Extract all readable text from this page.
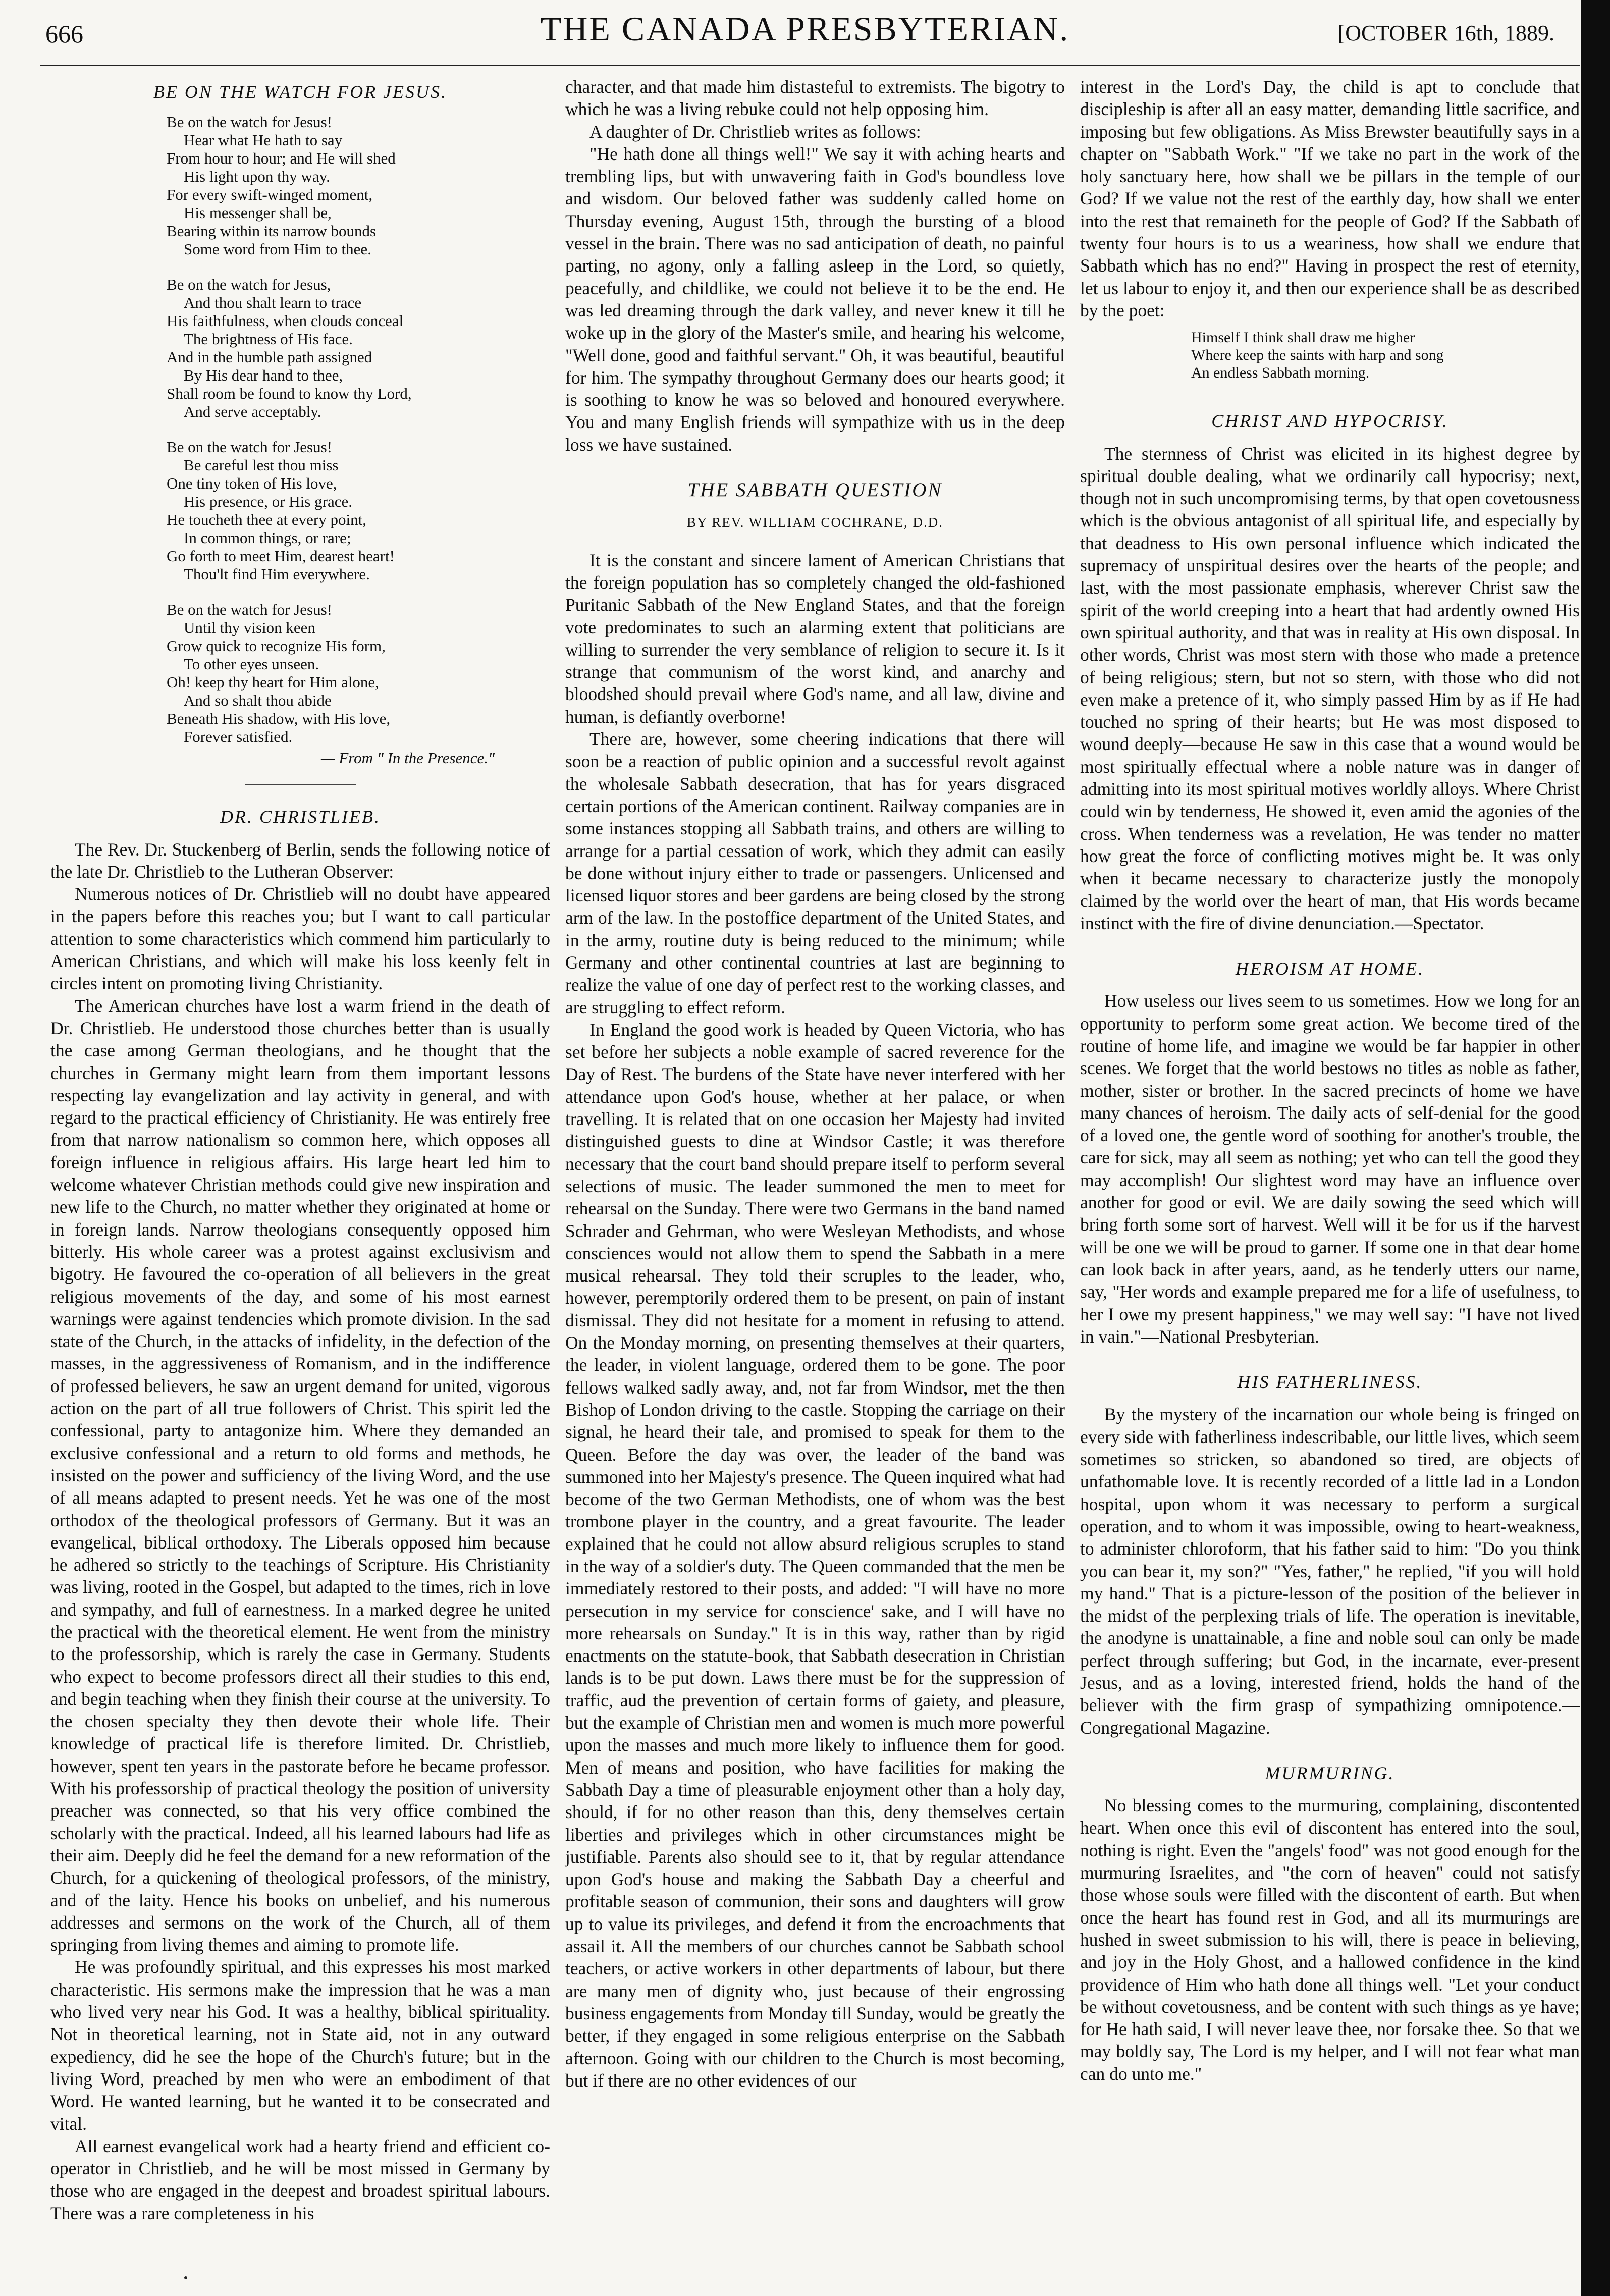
666	THE CANADA PRESBYTERIAN.	[OCTOBER 16th, 1889.
BE ON THE WATCH FOR JESUS.
Be on the watch for Jesus!
Hear what He hath to say
From hour to hour; and He will shed
His light upon thy way.
For every swift-winged moment,
His messenger shall be,
Bearing within its narrow bounds
Some word from Him to thee.
Be on the watch for Jesus,
And thou shalt learn to trace
His faithfulness, when clouds conceal
The brightness of His face.
And in the humble path assigned
By His dear hand to thee,
Shall room be found to know thy Lord,
And serve acceptably.
Be on the watch for Jesus!
Be careful lest thou miss
One tiny token of His love,
His presence, or His grace.
He toucheth thee at every point,
In common things, or rare;
Go forth to meet Him, dearest heart!
Thou'lt find Him everywhere.
Be on the watch for Jesus!
Until thy vision keen
Grow quick to recognize His form,
To other eyes unseen.
Oh! keep thy heart for Him alone,
And so shalt thou abide
Beneath His shadow, with His love,
Forever satisfied.
— From " In the Presence."
DR. CHRISTLIEB.

The Rev. Dr. Stuckenberg of Berlin, sends the following notice of the late Dr. Christlieb to the Lutheran Observer:

Numerous notices of Dr. Christlieb will no doubt have appeared in the papers before this reaches you; but I want to call particular attention to some characteristics which commend him particularly to American Christians, and which will make his loss keenly felt in circles intent on promoting living Christianity.

The American churches have lost a warm friend in the death of Dr. Christlieb. He understood those churches better than is usually the case among German theologians, and he thought that the churches in Germany might learn from them important lessons respecting lay evangelization and lay activity in general, and with regard to the practical efficiency of Christianity. He was entirely free from that narrow nationalism so common here, which opposes all foreign influence in religious affairs. His large heart led him to welcome whatever Christian methods could give new inspiration and new life to the Church, no matter whether they originated at home or in foreign lands. Narrow theologians consequently opposed him bitterly. His whole career was a protest against exclusivism and bigotry. He favoured the co-operation of all believers in the great religious movements of the day, and some of his most earnest warnings were against tendencies which promote division. In the sad state of the Church, in the attacks of infidelity, in the defection of the masses, in the aggressiveness of Romanism, and in the indifference of professed believers, he saw an urgent demand for united, vigorous action on the part of all true followers of Christ. This spirit led the confessional, party to antagonize him. Where they demanded an exclusive confessional and a return to old forms and methods, he insisted on the power and sufficiency of the living Word, and the use of all means adapted to present needs. Yet he was one of the most orthodox of the theological professors of Germany. But it was an evangelical, biblical orthodoxy. The Liberals opposed him because he adhered so strictly to the teachings of Scripture. His Christianity was living, rooted in the Gospel, but adapted to the times, rich in love and sympathy, and full of earnestness. In a marked degree he united the practical with the theoretical element. He went from the ministry to the professorship, which is rarely the case in Germany. Students who expect to become professors direct all their studies to this end, and begin teaching when they finish their course at the university. To the chosen specialty they then devote their whole life. Their knowledge of practical life is therefore limited. Dr. Christlieb, however, spent ten years in the pastorate before he became professor. With his professorship of practical theology the position of university preacher was connected, so that his very office combined the scholarly with the practical. Indeed, all his learned labours had life as their aim. Deeply did he feel the demand for a new reformation of the Church, for a quickening of theological professors, of the ministry, and of the laity. Hence his books on unbelief, and his numerous addresses and sermons on the work of the Church, all of them springing from living themes and aiming to promote life.

He was profoundly spiritual, and this expresses his most marked characteristic. His sermons make the impression that he was a man who lived very near his God. It was a healthy, biblical spirituality. Not in theoretical learning, not in State aid, not in any outward expediency, did he see the hope of the Church's future; but in the living Word, preached by men who were an embodiment of that Word. He wanted learning, but he wanted it to be consecrated and vital.

All earnest evangelical work had a hearty friend and efficient co-operator in Christlieb, and he will be most missed in Germany by those who are engaged in the deepest and broadest spiritual labours. There was a rare completeness in his

character, and that made him distasteful to extremists. The bigotry to which he was a living rebuke could not help opposing him.

A daughter of Dr. Christlieb writes as follows:

"He hath done all things well!" We say it with aching hearts and trembling lips, but with unwavering faith in God's boundless love and wisdom. Our beloved father was suddenly called home on Thursday evening, August 15th, through the bursting of a blood vessel in the brain. There was no sad anticipation of death, no painful parting, no agony, only a falling asleep in the Lord, so quietly, peacefully, and childlike, we could not believe it to be the end. He was led dreaming through the dark valley, and never knew it till he woke up in the glory of the Master's smile, and hearing his welcome, "Well done, good and faithful servant." Oh, it was beautiful, beautiful for him. The sympathy throughout Germany does our hearts good; it is soothing to know he was so beloved and honoured everywhere. You and many English friends will sympathize with us in the deep loss we have sustained.

THE SABBATH QUESTION
BY REV. WILLIAM COCHRANE, D.D.

It is the constant and sincere lament of American Christians that the foreign population has so completely changed the old-fashioned Puritanic Sabbath of the New England States, and that the foreign vote predominates to such an alarming extent that politicians are willing to surrender the very semblance of religion to secure it. Is it strange that communism of the worst kind, and anarchy and bloodshed should prevail where God's name, and all law, divine and human, is defiantly overborne!

There are, however, some cheering indications that there will soon be a reaction of public opinion and a successful revolt against the wholesale Sabbath desecration, that has for years disgraced certain portions of the American continent. Railway companies are in some instances stopping all Sabbath trains, and others are willing to arrange for a partial cessation of work, which they admit can easily be done without injury either to trade or passengers. Unlicensed and licensed liquor stores and beer gardens are being closed by the strong arm of the law. In the postoffice department of the United States, and in the army, routine duty is being reduced to the minimum; while Germany and other continental countries at last are beginning to realize the value of one day of perfect rest to the working classes, and are struggling to effect reform.

In England the good work is headed by Queen Victoria, who has set before her subjects a noble example of sacred reverence for the Day of Rest. The burdens of the State have never interfered with her attendance upon God's house, whether at her palace, or when travelling. It is related that on one occasion her Majesty had invited distinguished guests to dine at Windsor Castle; it was therefore necessary that the court band should prepare itself to perform several selections of music. The leader summoned the men to meet for rehearsal on the Sunday. There were two Germans in the band named Schrader and Gehrman, who were Wesleyan Methodists, and whose consciences would not allow them to spend the Sabbath in a mere musical rehearsal. They told their scruples to the leader, who, however, peremptorily ordered them to be present, on pain of instant dismissal. They did not hesitate for a moment in refusing to attend. On the Monday morning, on presenting themselves at their quarters, the leader, in violent language, ordered them to be gone. The poor fellows walked sadly away, and, not far from Windsor, met the then Bishop of London driving to the castle. Stopping the carriage on their signal, he heard their tale, and promised to speak for them to the Queen. Before the day was over, the leader of the band was summoned into her Majesty's presence. The Queen inquired what had become of the two German Methodists, one of whom was the best trombone player in the country, and a great favourite. The leader explained that he could not allow absurd religious scruples to stand in the way of a soldier's duty. The Queen commanded that the men be immediately restored to their posts, and added: "I will have no more persecution in my service for conscience' sake, and I will have no more rehearsals on Sunday." It is in this way, rather than by rigid enactments on the statute-book, that Sabbath desecration in Christian lands is to be put down. Laws there must be for the suppression of traffic, aud the prevention of certain forms of gaiety, and pleasure, but the example of Christian men and women is much more powerful upon the masses and much more likely to influence them for good. Men of means and position, who have facilities for making the Sabbath Day a time of pleasurable enjoyment other than a holy day, should, if for no other reason than this, deny themselves certain liberties and privileges which in other circumstances might be justifiable. Parents also should see to it, that by regular attendance upon God's house and making the Sabbath Day a cheerful and profitable season of communion, their sons and daughters will grow up to value its privileges, and defend it from the encroachments that assail it. All the members of our churches cannot be Sabbath school teachers, or active workers in other departments of labour, but there are many men of dignity who, just because of their engrossing business engagements from Monday till Sunday, would be greatly the better, if they engaged in some religious enterprise on the Sabbath afternoon. Going with our children to the Church is most becoming, but if there are no other evidences of our

interest in the Lord's Day, the child is apt to conclude that discipleship is after all an easy matter, demanding little sacrifice, and imposing but few obligations. As Miss Brewster beautifully says in a chapter on "Sabbath Work." "If we take no part in the work of the holy sanctuary here, how shall we be pillars in the temple of our God? If we value not the rest of the earthly day, how shall we enter into the rest that remaineth for the people of God? If the Sabbath of twenty four hours is to us a weariness, how shall we endure that Sabbath which has no end?" Having in prospect the rest of eternity, let us labour to enjoy it, and then our experience shall be as described by the poet:

Himself I think shall draw me higher
Where keep the saints with harp and song
An endless Sabbath morning.
CHRIST AND HYPOCRISY.

The sternness of Christ was elicited in its highest degree by spiritual double dealing, what we ordinarily call hypocrisy; next, though not in such uncompromising terms, by that open covetousness which is the obvious antagonist of all spiritual life, and especially by that deadness to His own personal influence which indicated the supremacy of unspiritual desires over the hearts of the people; and last, with the most passionate emphasis, wherever Christ saw the spirit of the world creeping into a heart that had ardently owned His own spiritual authority, and that was in reality at His own disposal. In other words, Christ was most stern with those who made a pretence of being religious; stern, but not so stern, with those who did not even make a pretence of it, who simply passed Him by as if He had touched no spring of their hearts; but He was most disposed to wound deeply—because He saw in this case that a wound would be most spiritually effectual where a noble nature was in danger of admitting into its most spiritual motives worldly alloys. Where Christ could win by tenderness, He showed it, even amid the agonies of the cross. When tenderness was a revelation, He was tender no matter how great the force of conflicting motives might be. It was only when it became necessary to characterize justly the monopoly claimed by the world over the heart of man, that His words became instinct with the fire of divine denunciation.—Spectator.

HEROISM AT HOME.

How useless our lives seem to us sometimes. How we long for an opportunity to perform some great action. We become tired of the routine of home life, and imagine we would be far happier in other scenes. We forget that the world bestows no titles as noble as father, mother, sister or brother. In the sacred precincts of home we have many chances of heroism. The daily acts of self-denial for the good of a loved one, the gentle word of soothing for another's trouble, the care for sick, may all seem as nothing; yet who can tell the good they may accomplish! Our slightest word may have an influence over another for good or evil. We are daily sowing the seed which will bring forth some sort of harvest. Well will it be for us if the harvest will be one we will be proud to garner. If some one in that dear home can look back in after years, aand, as he tenderly utters our name, say, "Her words and example prepared me for a life of usefulness, to her I owe my present happiness," we may well say: "I have not lived in vain."—National Presbyterian.

HIS FATHERLINESS.

By the mystery of the incarnation our whole being is fringed on every side with fatherliness indescribable, our little lives, which seem sometimes so stricken, so abandoned so tired, are objects of unfathomable love. It is recently recorded of a little lad in a London hospital, upon whom it was necessary to perform a surgical operation, and to whom it was impossible, owing to heart-weakness, to administer chloroform, that his father said to him: "Do you think you can bear it, my son?" "Yes, father," he replied, "if you will hold my hand." That is a picture-lesson of the position of the believer in the midst of the perplexing trials of life. The operation is inevitable, the anodyne is unattainable, a fine and noble soul can only be made perfect through suffering; but God, in the incarnate, ever-present Jesus, and as a loving, interested friend, holds the hand of the believer with the firm grasp of sympathizing omnipotence.—Congregational Magazine.

MURMURING.

No blessing comes to the murmuring, complaining, discontented heart. When once this evil of discontent has entered into the soul, nothing is right. Even the "angels' food" was not good enough for the murmuring Israelites, and "the corn of heaven" could not satisfy those whose souls were filled with the discontent of earth. But when once the heart has found rest in God, and all its murmurings are hushed in sweet submission to his will, there is peace in believing, and joy in the Holy Ghost, and a hallowed confidence in the kind providence of Him who hath done all things well. "Let your conduct be without covetousness, and be content with such things as ye have; for He hath said, I will never leave thee, nor forsake thee. So that we may boldly say, The Lord is my helper, and I will not fear what man can do unto me."
